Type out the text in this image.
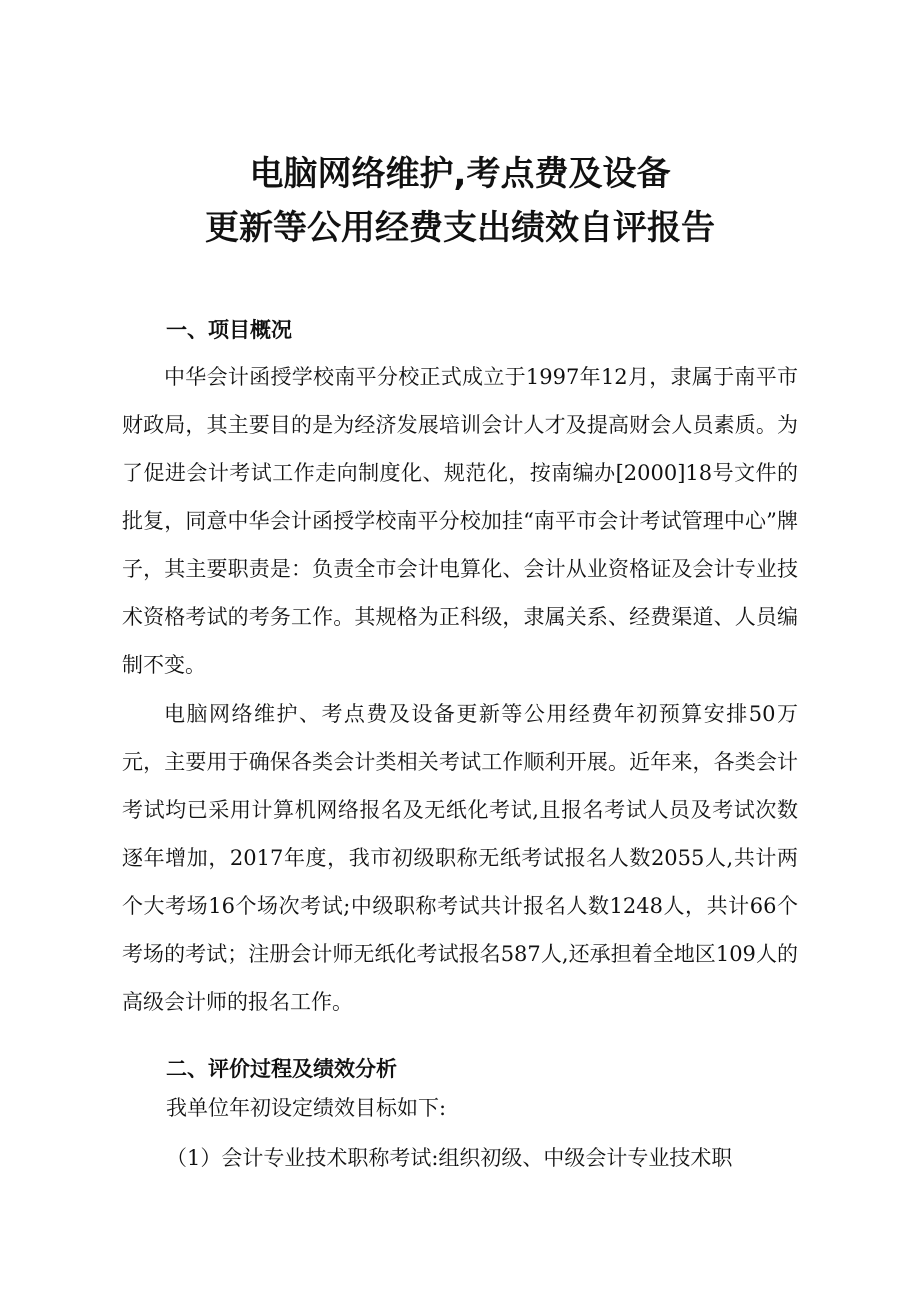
电脑网络维护,考点费及设备
更新等公用经费支出绩效自评报告
一、项目概况

中华会计函授学校南平分校正式成立于1997年12月，隶属于南平市财政局，其主要目的是为经济发展培训会计人才及提高财会人员素质。为了促进会计考试工作走向制度化、规范化，按南编办[2000]18号文件的批复，同意中华会计函授学校南平分校加挂“南平市会计考试管理中心”牌子，其主要职责是：负责全市会计电算化、会计从业资格证及会计专业技术资格考试的考务工作。其规格为正科级，隶属关系、经费渠道、人员编制不变。

电脑网络维护、考点费及设备更新等公用经费年初预算安排50万元，主要用于确保各类会计类相关考试工作顺利开展。近年来，各类会计考试均已采用计算机网络报名及无纸化考试,且报名考试人员及考试次数逐年增加，2017年度，我市初级职称无纸考试报名人数2055人,共计两个大考场16个场次考试;中级职称考试共计报名人数1248人，共计66个考场的考试；注册会计师无纸化考试报名587人,还承担着全地区109人的高级会计师的报名工作。

二、评价过程及绩效分析

我单位年初设定绩效目标如下:

（1）会计专业技术职称考试:组织初级、中级会计专业技术职
